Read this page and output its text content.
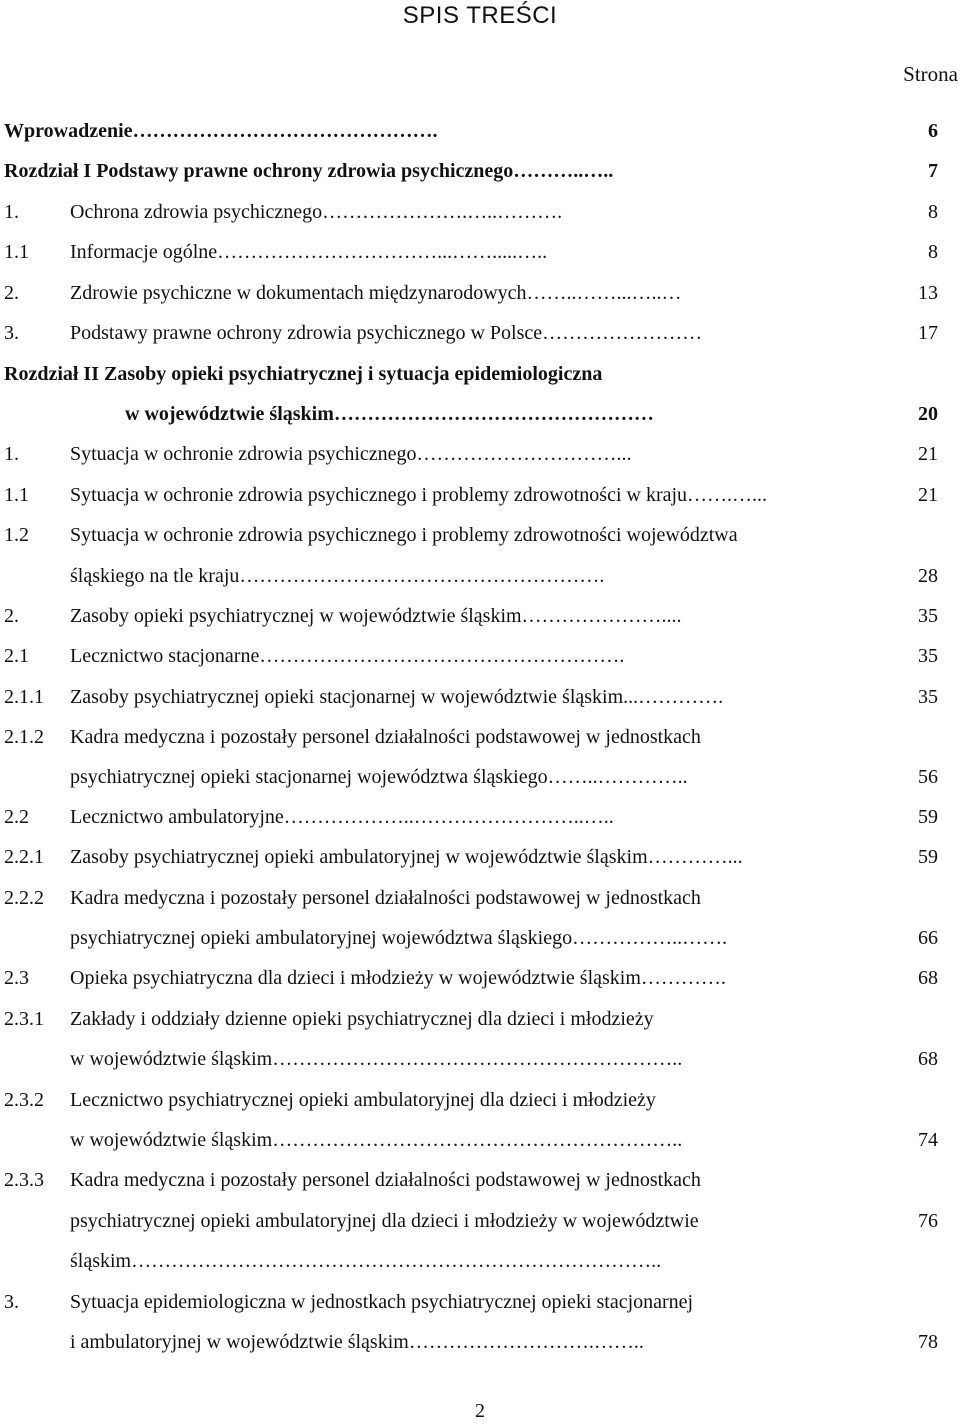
SPIS TREŚCI
Strona
Wprowadzenie……………………………………….	6
Rozdział I Podstawy prawne ochrony zdrowia psychicznego………..…..	7
1.	Ochrona zdrowia psychicznego………………….…..……….	8
1.1 Informacje ogólne……………………………...…….....…..	8
2.	Zdrowie psychiczne w dokumentach międzynarodowych……..……...…..…	13
3.	Podstawy prawne ochrony zdrowia psychicznego w Polsce……………………	17
Rozdział II Zasoby opieki psychiatrycznej i sytuacja epidemiologiczna
w województwie śląskim…………………………………………	20
1.	Sytuacja w ochronie zdrowia psychicznego…………………………...	21
1.1 Sytuacja w ochronie zdrowia psychicznego i problemy zdrowotności w kraju…….…...	21
1.2 Sytuacja w ochronie zdrowia psychicznego i problemy zdrowotności województwa
śląskiego na tle kraju……………………………………………….	28
2.	Zasoby opieki psychiatrycznej w województwie śląskim…………………....	35
2.1 Lecznictwo stacjonarne……………………………………………….	35
2.1.1 Zasoby psychiatrycznej opieki stacjonarnej w województwie śląskim...………….	35
2.1.2 Kadra medyczna i pozostały personel działalności podstawowej w jednostkach
psychiatrycznej opieki stacjonarnej województwa śląskiego……..…………..	56
2.2 Lecznictwo ambulatoryjne………………..……………………..…..	59
2.2.1 Zasoby psychiatrycznej opieki ambulatoryjnej w województwie śląskim…………...	59
2.2.2 Kadra medyczna i pozostały personel działalności podstawowej w jednostkach
psychiatrycznej opieki ambulatoryjnej województwa śląskiego……………..…….	66
2.3 Opieka psychiatryczna dla dzieci i młodzieży w województwie śląskim………….	68
2.3.1 Zakłady i oddziały dzienne opieki psychiatrycznej dla dzieci i młodzieży
w województwie śląskim……………………………………………………..	68
2.3.2 Lecznictwo psychiatrycznej opieki ambulatoryjnej dla dzieci i młodzieży
w województwie śląskim……………………………………………………..	74
2.3.3 Kadra medyczna i pozostały personel działalności podstawowej w jednostkach
psychiatrycznej opieki ambulatoryjnej dla dzieci i młodzieży w województwie	76
śląskim……………………………………………………………………..
3.	Sytuacja epidemiologiczna w jednostkach psychiatrycznej opieki stacjonarnej
i ambulatoryjnej w województwie śląskim……………………….……..	78
2
